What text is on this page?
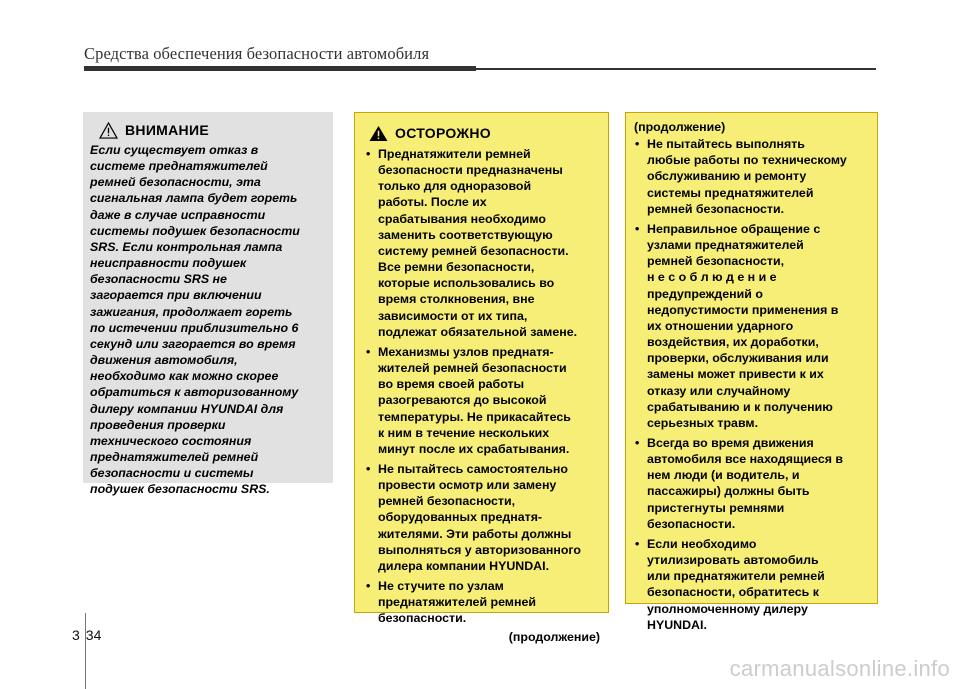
Средства обеспечения безопасности автомобиля
ВНИМАНИЕ

Если существует отказ в
системе преднатяжителей
ремней безопасности, эта
сигнальная лампа будет гореть
даже в случае исправности
системы подушек безопасности
SRS. Если контрольная лампа
неисправности подушек
безопасности SRS не
загорается при включении
зажигания, продолжает гореть
по истечении приблизительно 6
секунд или загорается во время
движения автомобиля,
необходимо как можно скорее
обратиться к авторизованному
дилеру компании HYUNDAI для
проведения проверки
технического состояния
преднатяжителей ремней
безопасности и системы
подушек безопасности SRS.

ОСТОРОЖНО
• Преднатяжители ремней
безопасности предназначены
только для одноразовой
работы. После их
срабатывания необходимо
заменить соответствующую
систему ремней безопасности.
Все ремни безопасности,
которые использовались во
время столкновения, вне
зависимости от их типа,
подлежат обязательной замене.
• Механизмы узлов преднатя-
жителей ремней безопасности
во время своей работы
разогреваются до высокой
температуры. Не прикасайтесь
к ним в течение нескольких
минут после их срабатывания.
• Не пытайтесь самостоятельно
провести осмотр или замену
ремней безопасности,
оборудованных преднатя-
жителями. Эти работы должны
выполняться у авторизованного
дилера компании HYUNDAI.
• Не стучите по узлам
преднатяжителей ремней
безопасности.
(продолжение)
(продолжение)
• Не пытайтесь выполнять
любые работы по техническому
обслуживанию и ремонту
системы преднатяжителей
ремней безопасности.
• Неправильное обращение с
узлами преднатяжителей
ремней безопасности,
н е с о б л ю д е н и е
предупреждений о
недопустимости применения в
их отношении ударного
воздействия, их доработки,
проверки, обслуживания или
замены может привести к их
отказу или случайному
срабатыванию и к получению
серьезных травм.
• Всегда во время движения
автомобиля все находящиеся в
нем люди (и водитель, и
пассажиры) должны быть
пристегнуты ремнями
безопасности.
• Если необходимо
утилизировать автомобиль
или преднатяжители ремней
безопасности, обратитесь к
уполномоченному дилеру
HYUNDAI.
3 34
carmanualsonline.info
